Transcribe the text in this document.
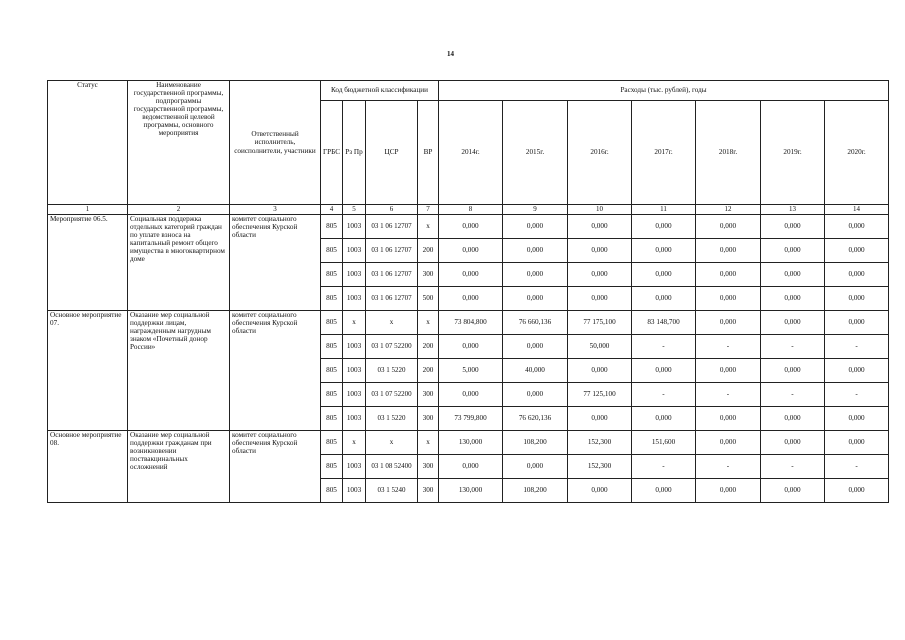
14
Статус	Наименование государственной программы, подпрограммы государственной программы, ведомственной целевой программы, основного мероприятия	Ответственный исполнитель, соисполнители, участники	Код бюджетной классификации				Расходы (тыс. рублей), годы						
			ГРБС	Рз Пр	ЦСР	ВР	2014г.	2015г.	2016г.	2017г.	2018г.	2019г.	2020г.
1	2	3	4	5	6	7	8	9	10	11	12	13	14
Мероприятие 06.5.	Социальная поддержка отдельных категорий граждан по уплате взноса на капитальный ремонт общего имущества в многоквартирном доме	комитет социального обеспечения Курской области	805	1003	03 1 06 12707	x	0,000	0,000	0,000	0,000	0,000	0,000	0,000
			805	1003	03 1 06 12707	200	0,000	0,000	0,000	0,000	0,000	0,000	0,000
			805	1003	03 1 06 12707	300	0,000	0,000	0,000	0,000	0,000	0,000	0,000
			805	1003	03 1 06 12707	500	0,000	0,000	0,000	0,000	0,000	0,000	0,000
Основное мероприятие 07.	Оказание мер социальной поддержки лицам, награжденным нагрудным знаком «Почетный донор России»	комитет социального обеспечения Курской области	805	x	x	x	73 804,800	76 660,136	77 175,100	83 148,700	0,000	0,000	0,000
			805	1003	03 1 07 52200	200	0,000	0,000	50,000	-	-	-	-
			805	1003	03 1 5220	200	5,000	40,000	0,000	0,000	0,000	0,000	0,000
			805	1003	03 1 07 52200	300	0,000	0,000	77 125,100	-	-	-	-
			805	1003	03 1 5220	300	73 799,800	76 620,136	0,000	0,000	0,000	0,000	0,000
Основное мероприятие 08.	Оказание мер социальной поддержки гражданам при возникновении поствакцинальных осложнений	комитет социального обеспечения Курской области	805	x	x	x	130,000	108,200	152,300	151,600	0,000	0,000	0,000
			805	1003	03 1 08 52400	300	0,000	0,000	152,300	-	-	-	-
			805	1003	03 1 5240	300	130,000	108,200	0,000	0,000	0,000	0,000	0,000
